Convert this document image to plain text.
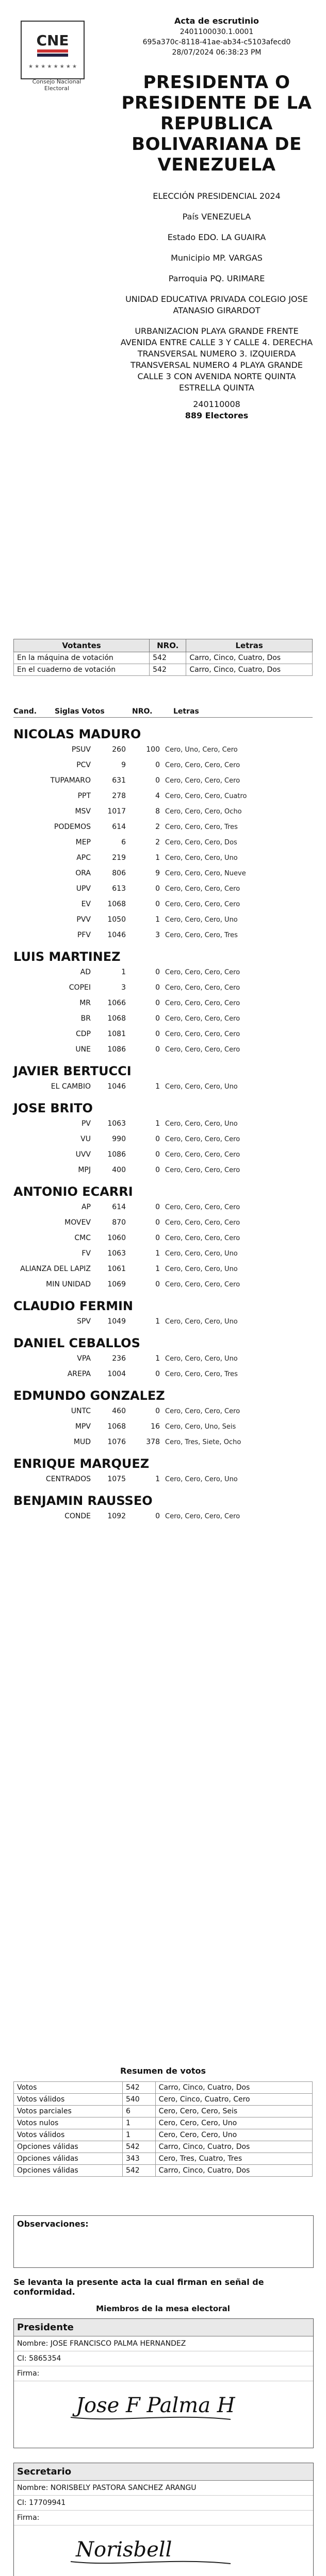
CNE
★ ★ ★ ★ ★ ★ ★ ★
Consejo Nacional Electoral
Acta de escrutinio
2401100030.1.0001
695a370c-8118-41ae-ab34-c5103afecd0
28/07/2024 06:38:23 PM
PRESIDENTA O
PRESIDENTE DE LA
REPUBLICA
BOLIVARIANA DE
VENEZUELA
ELECCIÓN PRESIDENCIAL 2024
País VENEZUELA
Estado EDO. LA GUAIRA
Municipio MP. VARGAS
Parroquia PQ. URIMARE
UNIDAD EDUCATIVA PRIVADA COLEGIO JOSE ATANASIO GIRARDOT
URBANIZACION PLAYA GRANDE FRENTE AVENIDA ENTRE CALLE 3 Y CALLE 4. DERECHA TRANSVERSAL NUMERO 3. IZQUIERDA TRANSVERSAL NUMERO 4 PLAYA GRANDE CALLE 3 CON AVENIDA NORTE QUINTA ESTRELLA QUINTA
240110008
889 Electores
Votantes	NRO.	Letras
En la máquina de votación	542	Carro, Cinco, Cuatro, Dos
En el cuaderno de votación	542	Carro, Cinco, Cuatro, Dos
Cand.	Siglas Votos	NRO.	Letras
NICOLAS MADURO
PSUV	260	100 Cero, Uno, Cero, Cero
PCV	9	0 Cero, Cero, Cero, Cero
TUPAMARO	631	0 Cero, Cero, Cero, Cero
PPT	278	4 Cero, Cero, Cero, Cuatro
MSV	1017	8 Cero, Cero, Cero, Ocho
PODEMOS	614	2 Cero, Cero, Cero, Tres
MEP	6	2 Cero, Cero, Cero, Dos
APC	219	1 Cero, Cero, Cero, Uno
ORA	806	9 Cero, Cero, Cero, Nueve
UPV	613	0 Cero, Cero, Cero, Cero
EV	1068	0 Cero, Cero, Cero, Cero
PVV	1050	1 Cero, Cero, Cero, Uno
PFV	1046	3 Cero, Cero, Cero, Tres
LUIS MARTINEZ
AD	1	0 Cero, Cero, Cero, Cero
COPEI	3	0 Cero, Cero, Cero, Cero
MR	1066	0 Cero, Cero, Cero, Cero
BR	1068	0 Cero, Cero, Cero, Cero
CDP	1081	0 Cero, Cero, Cero, Cero
UNE	1086	0 Cero, Cero, Cero, Cero
JAVIER BERTUCCI
EL CAMBIO	1046	1 Cero, Cero, Cero, Uno
JOSE BRITO
PV	1063	1 Cero, Cero, Cero, Uno
VU	990	0 Cero, Cero, Cero, Cero
UVV	1086	0 Cero, Cero, Cero, Cero
MPJ	400	0 Cero, Cero, Cero, Cero
ANTONIO ECARRI
AP	614	0 Cero, Cero, Cero, Cero
MOVEV	870	0 Cero, Cero, Cero, Cero
CMC	1060	0 Cero, Cero, Cero, Cero
FV	1063	1 Cero, Cero, Cero, Uno
ALIANZA DEL LAPIZ	1061	1 Cero, Cero, Cero, Uno
MIN UNIDAD	1069	0 Cero, Cero, Cero, Cero
CLAUDIO FERMIN
SPV	1049	1 Cero, Cero, Cero, Uno
DANIEL CEBALLOS
VPA	236	1 Cero, Cero, Cero, Uno
AREPA	1004	0 Cero, Cero, Cero, Tres
EDMUNDO GONZALEZ
UNTC	460	0 Cero, Cero, Cero, Cero
MPV	1068	16 Cero, Cero, Uno, Seis
MUD	1076	378 Cero, Tres, Siete, Ocho
ENRIQUE MARQUEZ
CENTRADOS	1075	1 Cero, Cero, Cero, Uno
BENJAMIN RAUSSEO
CONDE	1092	0 Cero, Cero, Cero, Cero
Resumen de votos
Votos	542	Carro, Cinco, Cuatro, Dos
Votos válidos	540	Cero, Cinco, Cuatro, Cero
Votos parciales	6	Cero, Cero, Cero, Seis
Votos nulos	1	Cero, Cero, Cero, Uno
Votos válidos	1	Cero, Cero, Cero, Uno
Opciones válidas	542	Carro, Cinco, Cuatro, Dos
Opciones válidas	343	Cero, Tres, Cuatro, Tres
Opciones válidas	542	Carro, Cinco, Cuatro, Dos
Observaciones:
Se levanta la presente acta la cual firman en señal de conformidad.
Miembros de la mesa electoral
Presidente
Nombre: JOSE FRANCISCO PALMA HERNANDEZ
CI: 5865354
Firma:
Jose F Palma H
Secretario
Nombre: NORISBELY PASTORA SANCHEZ ARANGU
CI: 17709941
Firma:
Norisbell
